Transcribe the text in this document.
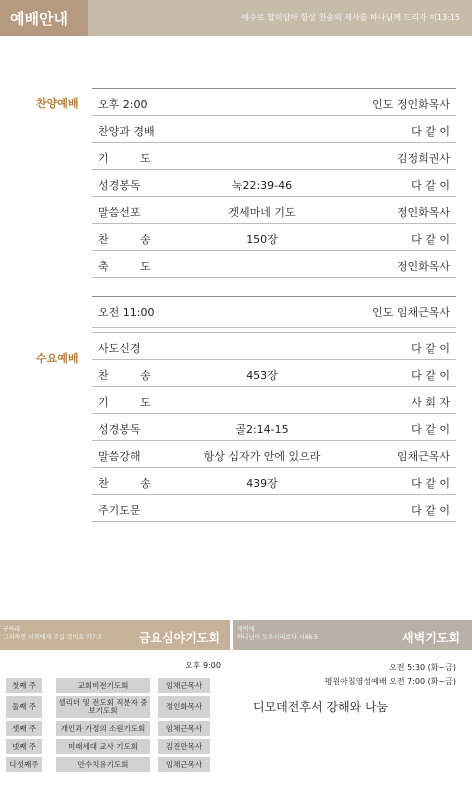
예배안내	예수로 말미암아 항상 찬송의 제사를 하나님께 드리자 히13:15
찬양예배 오후 2:00	인도 정인화목사
찬양과 경배	다 같 이
기 도	김정희권사
성경봉독	눅22:39-46	다 같 이
말씀선포	겟세마네 기도	정인화목사
찬 송	150장	다 같 이
축 도	정인화목사
수요예배
오전 11:00	인도 임채근목사
사도신경	다 같 이
찬 송	453장	다 같 이
기 도	사 회 자
성경봉독	골2:14-15	다 같 이
말씀강해	항상 십자가 안에 있으라	임채근목사
찬 송	439장	다 같 이
주기도문	다 같 이
구하라
그리하면 너희에게 주실 것이요 마7:7	금요심야기도회
새벽에
하나님이 도우시리로다 시46:5	새벽기도회
오후 9:00
첫째 주	교회비전기도회	임채근목사
둘째 주	셀리더 및 전도회 직분자 중보기도회	정인화목사
셋째 주	개인과 가정의 소원기도회	임채근목사
넷째 주	미래세대 교사 기도회	김진만목사
다섯째주	안수치유기도회	임채근목사
오전 5:30 (화~금)
평원아침영성예배 오전 7:00 (화~금)
디모데전후서 강해와 나눔
